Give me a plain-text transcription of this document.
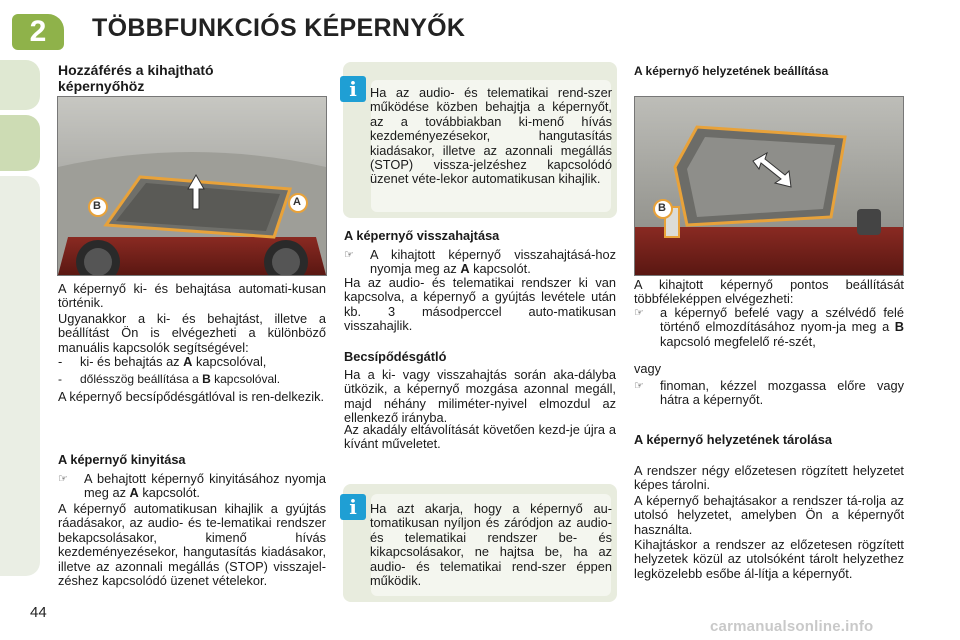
2	TÖBBFUNKCIÓS KÉPERNYŐK
Hozzáférés a kihajtható képernyőhöz
B	A
A képernyő ki- és behajtása automati-kusan történik.
Ugyanakkor a ki- és behajtást, illetve a beállítást Ön is elvégezheti a különböző manuális kapcsolók segítségével:
- ki- és behajtás az A kapcsolóval,
- dőlésszög beállítása a B kapcsolóval.
A képernyő becsípődésgátlóval is ren-delkezik.
A képernyő kinyitása
☞	A behajtott képernyő kinyitásához nyomja meg az A kapcsolót.
A képernyő automatikusan kihajlik a gyújtás ráadásakor, az audio- és te-lematikai rendszer bekapcsolásakor, kimenő hívás kezdeményezésekor, hangutasítás kiadásakor, illetve az azonnali megállás (STOP) visszajel-zéshez kapcsolódó üzenet vételekor.
i	Ha az audio- és telematikai rend-szer működése közben behajtja a képernyőt, az a továbbiakban ki-menő hívás kezdeményezésekor, hangutasítás kiadásakor, illetve az azonnali megállás (STOP) vissza-jelzéshez kapcsolódó üzenet véte-lekor automatikusan kihajlik.
A képernyő visszahajtása
☞	A kihajtott képernyő visszahajtásá-hoz nyomja meg az A kapcsolót.
Ha az audio- és telematikai rendszer ki van kapcsolva, a képernyő a gyújtás levétele után kb. 3 másodperccel auto-matikusan visszahajlik.
Becsípődésgátló
Ha a ki- vagy visszahajtás során aka-dályba ütközik, a képernyő mozgása azonnal megáll, majd néhány miliméter-nyivel elmozdul az ellenkező irányba.
Az akadály eltávolítását követően kezd-je újra a kívánt műveletet.
i	Ha azt akarja, hogy a képernyő au-tomatikusan nyíljon és záródjon az audio- és telematikai rendszer be- és kikapcsolásakor, ne hajtsa be, ha az audio- és telematikai rend-szer éppen működik.
A képernyő helyzetének beállítása
B
A kihajtott képernyő pontos beállítását többféleképpen elvégezheti:
☞	a képernyő befelé vagy a szélvédő felé történő elmozdításához nyom-ja meg a B kapcsoló megfelelő ré-szét,
vagy
☞	finoman, kézzel mozgassa előre vagy hátra a képernyőt.
A képernyő helyzetének tárolása
A rendszer négy előzetesen rögzített helyzetet képes tárolni.
A képernyő behajtásakor a rendszer tá-rolja az utolsó helyzetet, amelyben Ön a képernyőt használta.
Kihajtáskor a rendszer az előzetesen rögzített helyzetek közül az utolsóként tárolt helyzethez legközelebb esőbe ál-lítja a képernyőt.
44
carmanualsonline.info
